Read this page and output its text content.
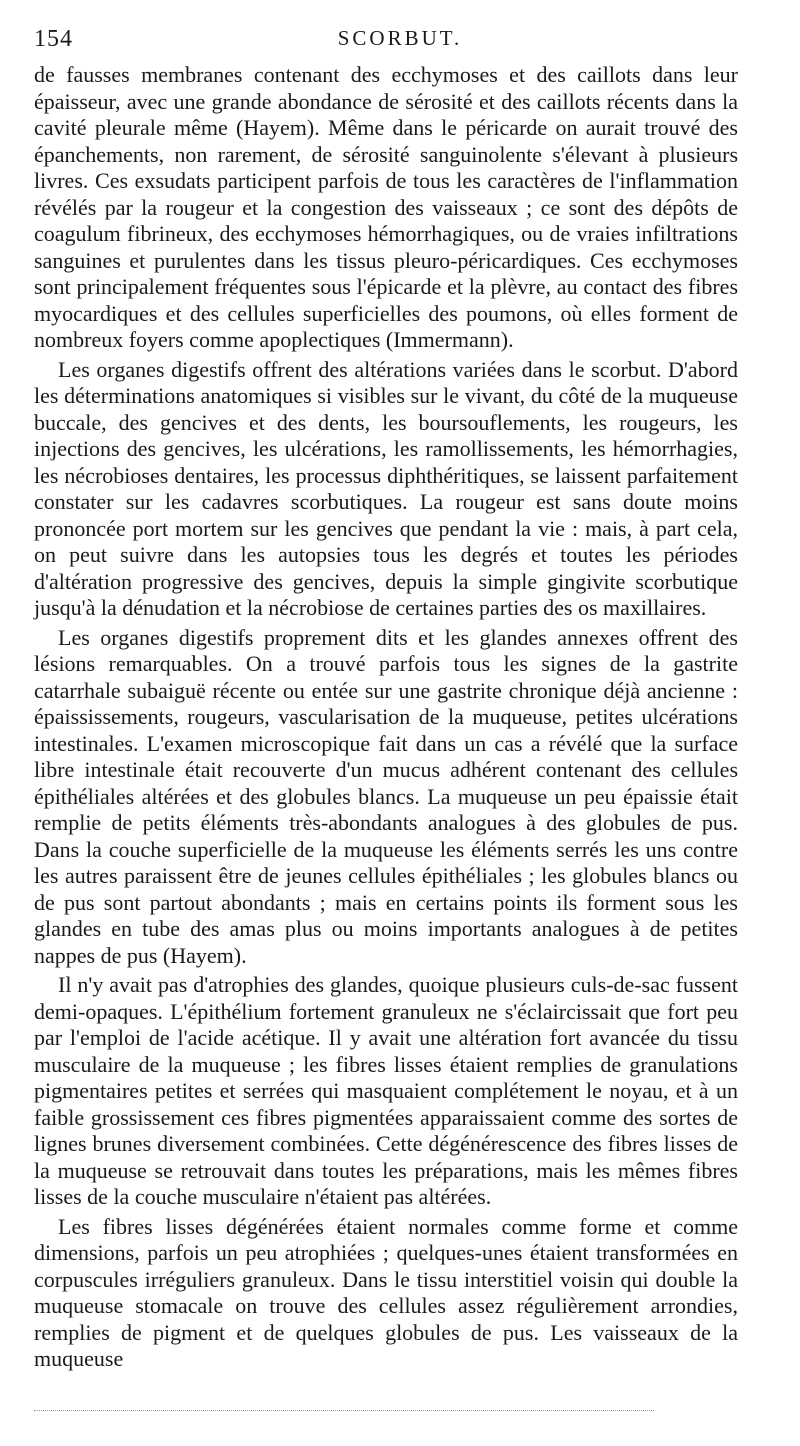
154	SCORBUT.

de fausses membranes contenant des ecchymoses et des caillots dans leur épaisseur, avec une grande abondance de sérosité et des caillots récents dans la cavité pleurale même (Hayem). Même dans le péricarde on aurait trouvé des épanchements, non rarement, de sérosité sanguinolente s'élevant à plusieurs livres. Ces exsudats participent parfois de tous les caractères de l'inflammation révélés par la rougeur et la congestion des vaisseaux ; ce sont des dépôts de coagulum fibrineux, des ecchymoses hémorrhagiques, ou de vraies infiltrations sanguines et purulentes dans les tissus pleuro-péricardiques. Ces ecchymoses sont principalement fréquentes sous l'épicarde et la plèvre, au contact des fibres myocardiques et des cellules superficielles des poumons, où elles forment de nombreux foyers comme apoplectiques (Immermann).

Les organes digestifs offrent des altérations variées dans le scorbut. D'abord les déterminations anatomiques si visibles sur le vivant, du côté de la muqueuse buccale, des gencives et des dents, les boursouflements, les rougeurs, les injections des gencives, les ulcérations, les ramollissements, les hémorrhagies, les nécrobioses dentaires, les processus diphthéritiques, se laissent parfaitement constater sur les cadavres scorbutiques. La rougeur est sans doute moins prononcée port mortem sur les gencives que pendant la vie : mais, à part cela, on peut suivre dans les autopsies tous les degrés et toutes les périodes d'altération progressive des gencives, depuis la simple gingivite scorbutique jusqu'à la dénudation et la nécrobiose de certaines parties des os maxillaires.

Les organes digestifs proprement dits et les glandes annexes offrent des lésions remarquables. On a trouvé parfois tous les signes de la gastrite catarrhale subaiguë récente ou entée sur une gastrite chronique déjà ancienne : épaississements, rougeurs, vascularisation de la muqueuse, petites ulcérations intestinales. L'examen microscopique fait dans un cas a révélé que la surface libre intestinale était recouverte d'un mucus adhérent contenant des cellules épithéliales altérées et des globules blancs. La muqueuse un peu épaissie était remplie de petits éléments très-abondants analogues à des globules de pus. Dans la couche superficielle de la muqueuse les éléments serrés les uns contre les autres paraissent être de jeunes cellules épithéliales ; les globules blancs ou de pus sont partout abondants ; mais en certains points ils forment sous les glandes en tube des amas plus ou moins importants analogues à de petites nappes de pus (Hayem).

Il n'y avait pas d'atrophies des glandes, quoique plusieurs culs-de-sac fussent demi-opaques. L'épithélium fortement granuleux ne s'éclaircissait que fort peu par l'emploi de l'acide acétique. Il y avait une altération fort avancée du tissu musculaire de la muqueuse ; les fibres lisses étaient remplies de granulations pigmentaires petites et serrées qui masquaient complétement le noyau, et à un faible grossissement ces fibres pigmentées apparaissaient comme des sortes de lignes brunes diversement combinées. Cette dégénérescence des fibres lisses de la muqueuse se retrouvait dans toutes les préparations, mais les mêmes fibres lisses de la couche musculaire n'étaient pas altérées.

Les fibres lisses dégénérées étaient normales comme forme et comme dimensions, parfois un peu atrophiées ; quelques-unes étaient transformées en corpuscules irréguliers granuleux. Dans le tissu interstitiel voisin qui double la muqueuse stomacale on trouve des cellules assez régulièrement arrondies, remplies de pigment et de quelques globules de pus. Les vaisseaux de la muqueuse
